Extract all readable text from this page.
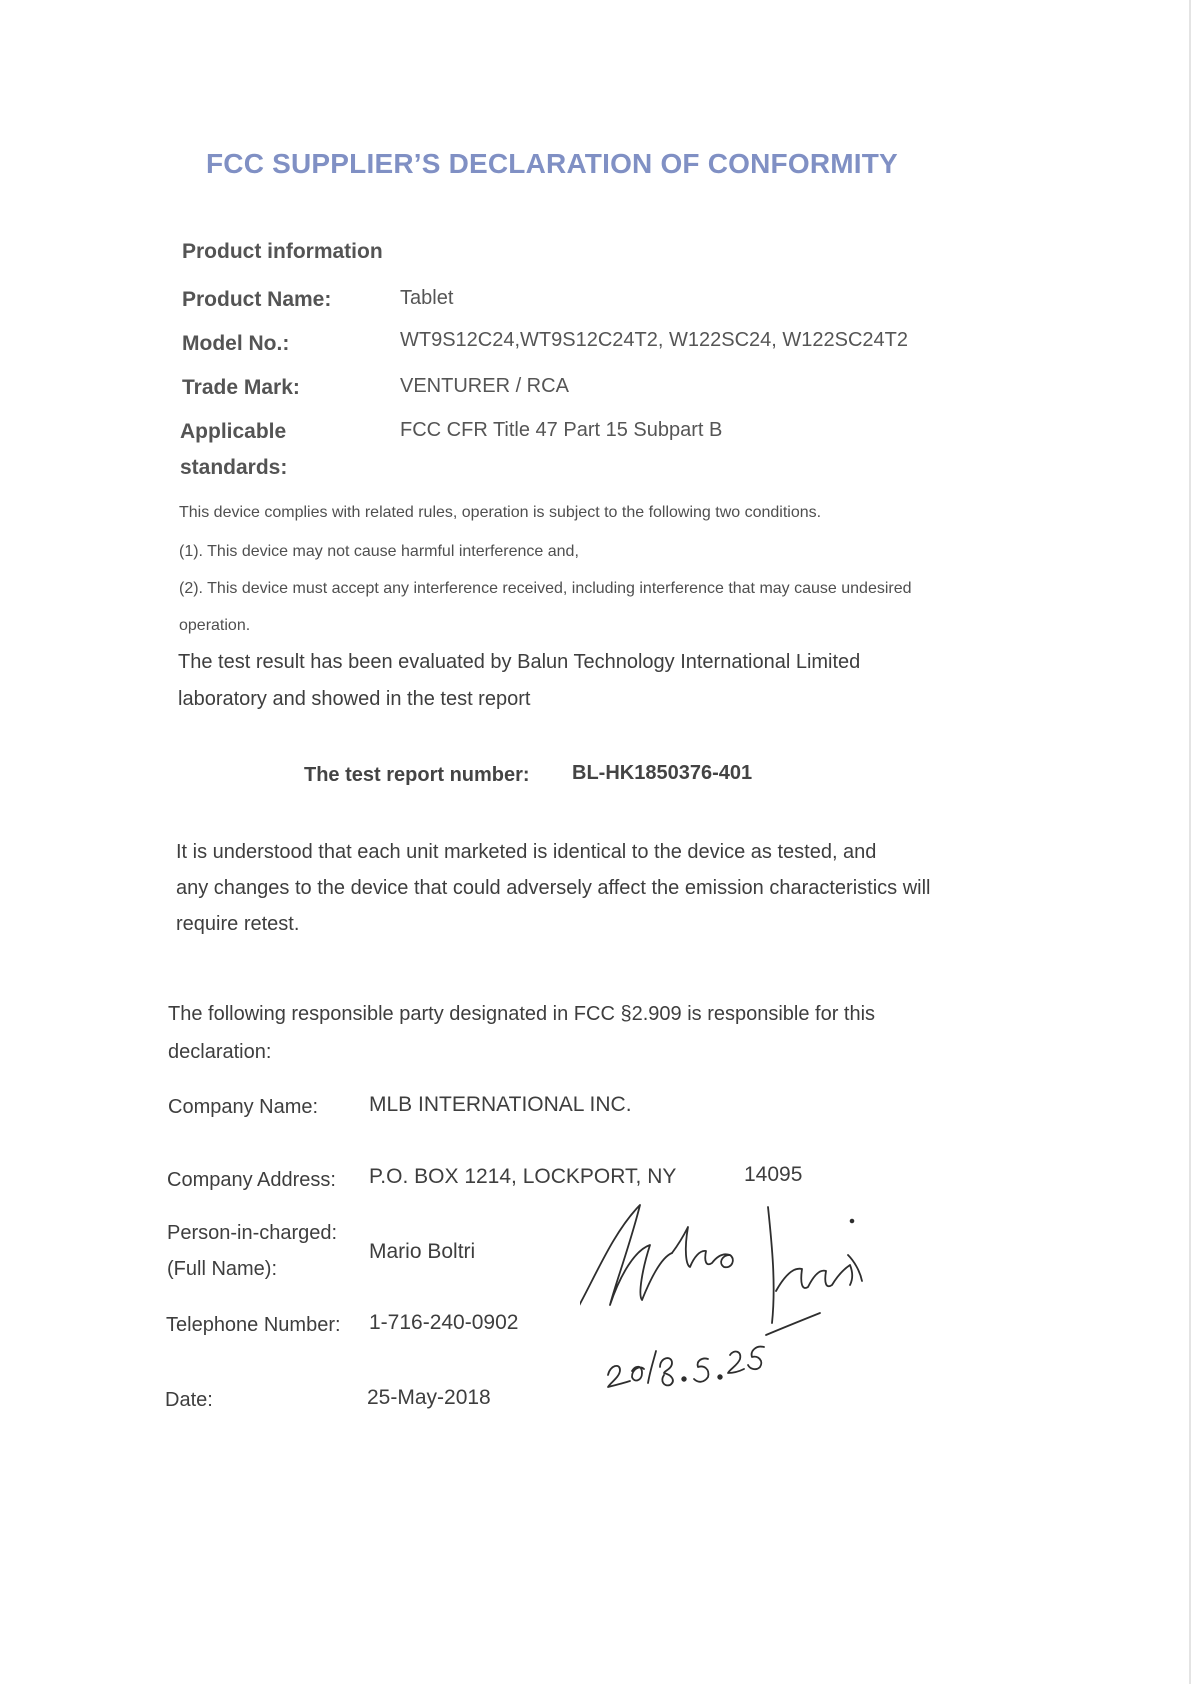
FCC SUPPLIER’S DECLARATION OF CONFORMITY
Product information
Product Name:	Tablet
Model No.:	WT9S12C24,WT9S12C24T2, W122SC24, W122SC24T2
Trade Mark:	VENTURER / RCA
Applicable
standards:
FCC CFR Title 47 Part 15 Subpart B
This device complies with related rules, operation is subject to the following two conditions.
(1). This device may not cause harmful interference and,
(2). This device must accept any interference received, including interference that may cause undesired
operation.
The test result has been evaluated by Balun Technology International Limited
laboratory and showed in the test report
The test report number: BL-HK1850376-401
It is understood that each unit marketed is identical to the device as tested, and
any changes to the device that could adversely affect the emission characteristics will
require retest.
The following responsible party designated in FCC §2.909 is responsible for this
declaration:
Company Name: MLB INTERNATIONAL INC.
Company Address: P.O. BOX 1214, LOCKPORT, NY	14095
Person-in-charged:
(Full Name):
Mario Boltri
Telephone Number: 1-716-240-0902
Date:	25-May-2018
